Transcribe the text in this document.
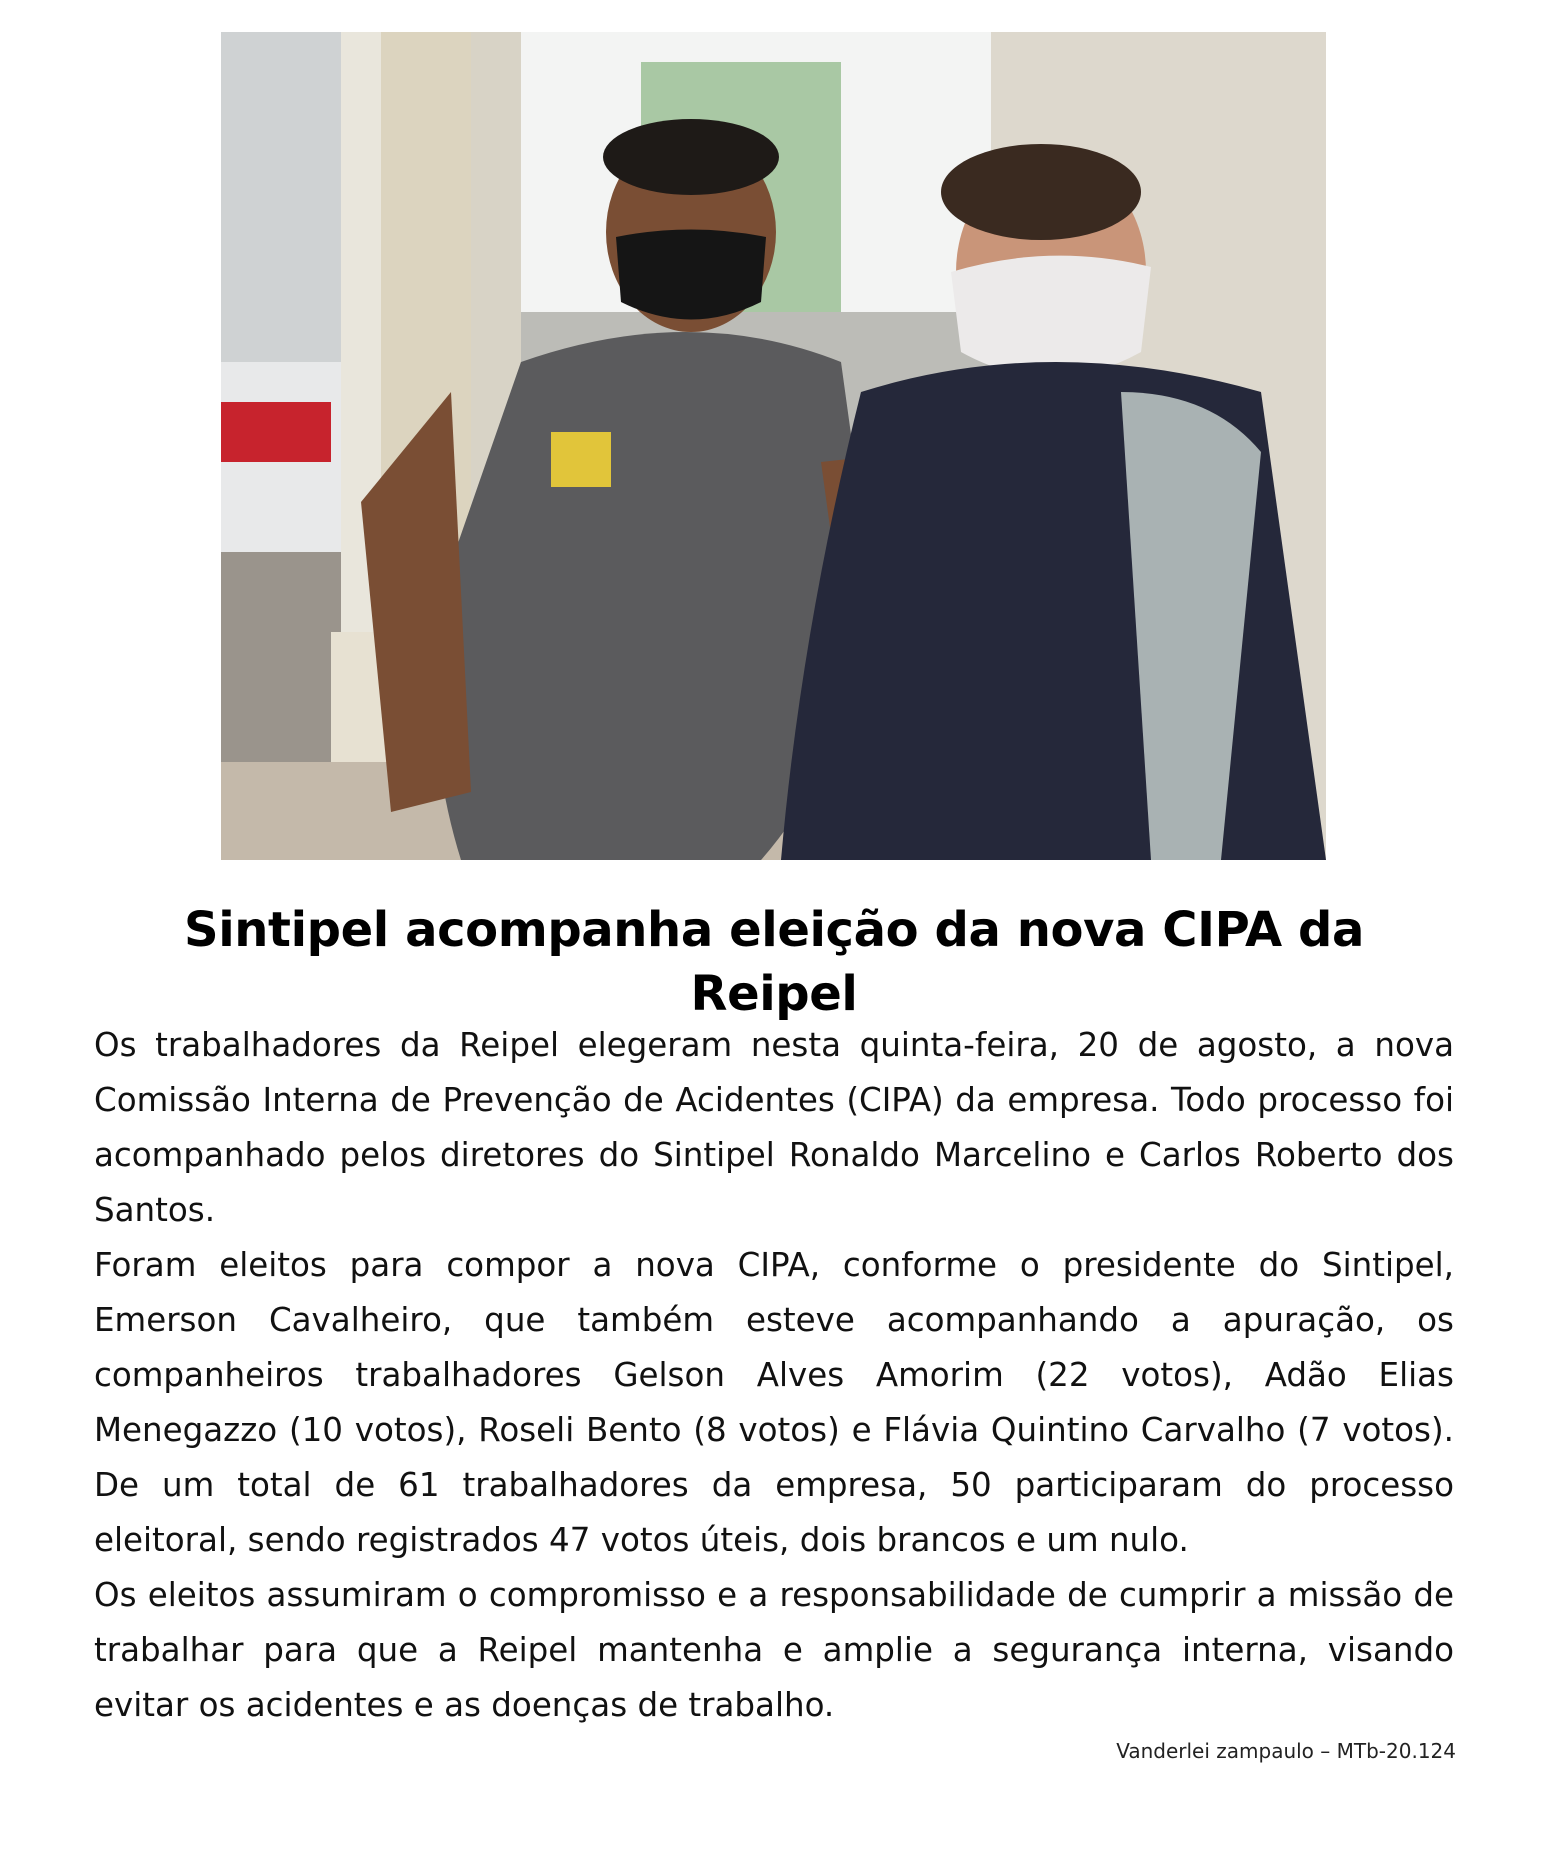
Sintipel acompanha eleição da nova CIPA da Reipel

Os trabalhadores da Reipel elegeram nesta quinta-feira, 20 de agosto, a nova Comissão Interna de Prevenção de Acidentes (CIPA) da empresa. Todo processo foi acompanhado pelos diretores do Sintipel Ronaldo Marcelino e Carlos Roberto dos Santos.

Foram eleitos para compor a nova CIPA, conforme o presidente do Sintipel, Emerson Cavalheiro, que também esteve acompanhando a apuração, os companheiros trabalhadores Gelson Alves Amorim (22 votos), Adão Elias Menegazzo (10 votos), Roseli Bento (8 votos) e Flávia Quintino Carvalho (7 votos). De um total de 61 trabalhadores da empresa, 50 participaram do processo eleitoral, sendo registrados 47 votos úteis, dois brancos e um nulo.

Os eleitos assumiram o compromisso e a responsabilidade de cumprir a missão de trabalhar para que a Reipel mantenha e amplie a segurança interna, visando evitar os acidentes e as doenças de trabalho.

Vanderlei zampaulo – MTb-20.124
